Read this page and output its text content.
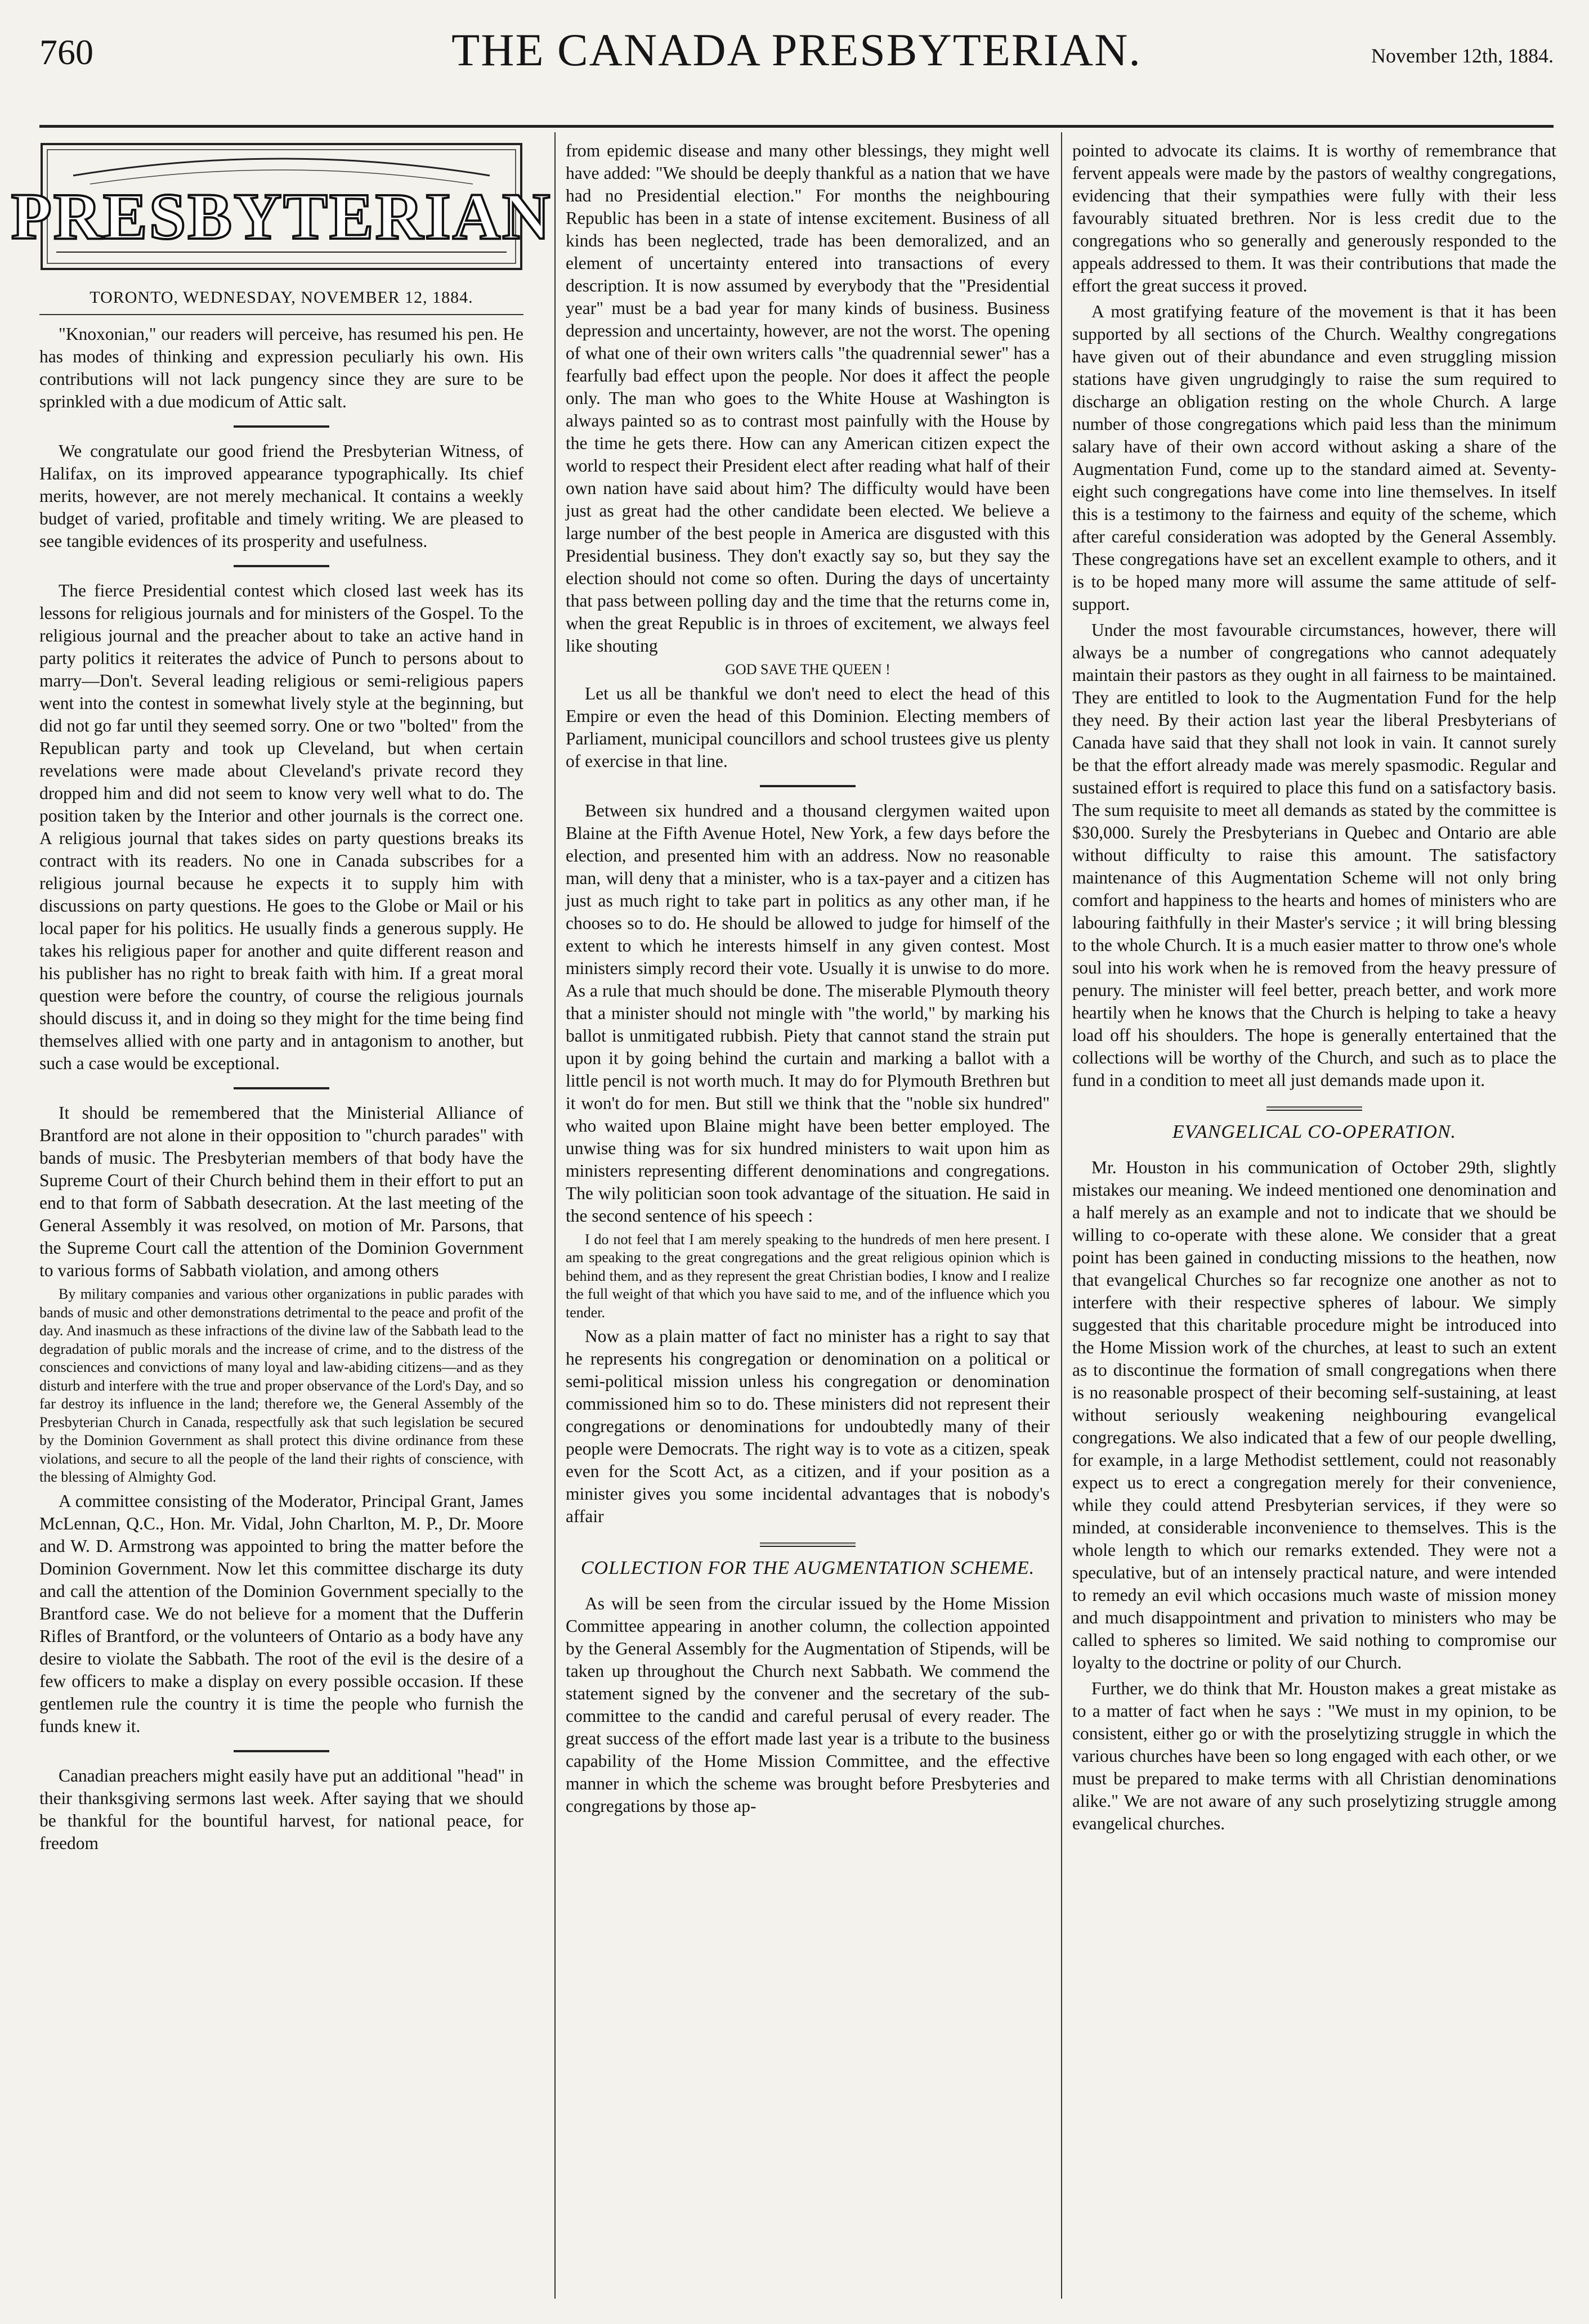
760	THE CANADA PRESBYTERIAN.	November 12th, 1884.
PRESBYTERIAN
TORONTO, WEDNESDAY, NOVEMBER 12, 1884.

"Knoxonian," our readers will perceive, has resumed his pen. He has modes of thinking and expression peculiarly his own. His contributions will not lack pungency since they are sure to be sprinkled with a due modicum of Attic salt.

We congratulate our good friend the Presbyterian Witness, of Halifax, on its improved appearance typographically. Its chief merits, however, are not merely mechanical. It contains a weekly budget of varied, profitable and timely writing. We are pleased to see tangible evidences of its prosperity and usefulness.

The fierce Presidential contest which closed last week has its lessons for religious journals and for ministers of the Gospel. To the religious journal and the preacher about to take an active hand in party politics it reiterates the advice of Punch to persons about to marry—Don't. Several leading religious or semi-religious papers went into the contest in somewhat lively style at the beginning, but did not go far until they seemed sorry. One or two "bolted" from the Republican party and took up Cleveland, but when certain revelations were made about Cleveland's private record they dropped him and did not seem to know very well what to do. The position taken by the Interior and other journals is the correct one. A religious journal that takes sides on party questions breaks its contract with its readers. No one in Canada subscribes for a religious journal because he expects it to supply him with discussions on party questions. He goes to the Globe or Mail or his local paper for his politics. He usually finds a generous supply. He takes his religious paper for another and quite different reason and his publisher has no right to break faith with him. If a great moral question were before the country, of course the religious journals should discuss it, and in doing so they might for the time being find themselves allied with one party and in antagonism to another, but such a case would be exceptional.

It should be remembered that the Ministerial Alliance of Brantford are not alone in their opposition to "church parades" with bands of music. The Presbyterian members of that body have the Supreme Court of their Church behind them in their effort to put an end to that form of Sabbath desecration. At the last meeting of the General Assembly it was resolved, on motion of Mr. Parsons, that the Supreme Court call the attention of the Dominion Government to various forms of Sabbath violation, and among others

By military companies and various other organizations in public parades with bands of music and other demonstrations detrimental to the peace and profit of the day. And inasmuch as these infractions of the divine law of the Sabbath lead to the degradation of public morals and the increase of crime, and to the distress of the consciences and convictions of many loyal and law-abiding citizens—and as they disturb and interfere with the true and proper observance of the Lord's Day, and so far destroy its influence in the land; therefore we, the General Assembly of the Presbyterian Church in Canada, respectfully ask that such legislation be secured by the Dominion Government as shall protect this divine ordinance from these violations, and secure to all the people of the land their rights of conscience, with the blessing of Almighty God.

A committee consisting of the Moderator, Principal Grant, James McLennan, Q.C., Hon. Mr. Vidal, John Charlton, M. P., Dr. Moore and W. D. Armstrong was appointed to bring the matter before the Dominion Government. Now let this committee discharge its duty and call the attention of the Dominion Government specially to the Brantford case. We do not believe for a moment that the Dufferin Rifles of Brantford, or the volunteers of Ontario as a body have any desire to violate the Sabbath. The root of the evil is the desire of a few officers to make a display on every possible occasion. If these gentlemen rule the country it is time the people who furnish the funds knew it.

Canadian preachers might easily have put an additional "head" in their thanksgiving sermons last week. After saying that we should be thankful for the bountiful harvest, for national peace, for freedom

from epidemic disease and many other blessings, they might well have added: "We should be deeply thankful as a nation that we have had no Presidential election." For months the neighbouring Republic has been in a state of intense excitement. Business of all kinds has been neglected, trade has been demoralized, and an element of uncertainty entered into transactions of every description. It is now assumed by everybody that the "Presidential year" must be a bad year for many kinds of business. Business depression and uncertainty, however, are not the worst. The opening of what one of their own writers calls "the quadrennial sewer" has a fearfully bad effect upon the people. Nor does it affect the people only. The man who goes to the White House at Washington is always painted so as to contrast most painfully with the House by the time he gets there. How can any American citizen expect the world to respect their President elect after reading what half of their own nation have said about him? The difficulty would have been just as great had the other candidate been elected. We believe a large number of the best people in America are disgusted with this Presidential business. They don't exactly say so, but they say the election should not come so often. During the days of uncertainty that pass between polling day and the time that the returns come in, when the great Republic is in throes of excitement, we always feel like shouting

GOD SAVE THE QUEEN !

Let us all be thankful we don't need to elect the head of this Empire or even the head of this Dominion. Electing members of Parliament, municipal councillors and school trustees give us plenty of exercise in that line.

Between six hundred and a thousand clergymen waited upon Blaine at the Fifth Avenue Hotel, New York, a few days before the election, and presented him with an address. Now no reasonable man, will deny that a minister, who is a tax-payer and a citizen has just as much right to take part in politics as any other man, if he chooses so to do. He should be allowed to judge for himself of the extent to which he interests himself in any given contest. Most ministers simply record their vote. Usually it is unwise to do more. As a rule that much should be done. The miserable Plymouth theory that a minister should not mingle with "the world," by marking his ballot is unmitigated rubbish. Piety that cannot stand the strain put upon it by going behind the curtain and marking a ballot with a little pencil is not worth much. It may do for Plymouth Brethren but it won't do for men. But still we think that the "noble six hundred" who waited upon Blaine might have been better employed. The unwise thing was for six hundred ministers to wait upon him as ministers representing different denominations and congregations. The wily politician soon took advantage of the situation. He said in the second sentence of his speech :

I do not feel that I am merely speaking to the hundreds of men here present. I am speaking to the great congregations and the great religious opinion which is behind them, and as they represent the great Christian bodies, I know and I realize the full weight of that which you have said to me, and of the influence which you tender.

Now as a plain matter of fact no minister has a right to say that he represents his congregation or denomination on a political or semi-political mission unless his congregation or denomination commissioned him so to do. These ministers did not represent their congregations or denominations for undoubtedly many of their people were Democrats. The right way is to vote as a citizen, speak even for the Scott Act, as a citizen, and if your position as a minister gives you some incidental advantages that is nobody's affair

COLLECTION FOR THE AUGMENTATION SCHEME.

As will be seen from the circular issued by the Home Mission Committee appearing in another column, the collection appointed by the General Assembly for the Augmentation of Stipends, will be taken up throughout the Church next Sabbath. We commend the statement signed by the convener and the secretary of the sub-committee to the candid and careful perusal of every reader. The great success of the effort made last year is a tribute to the business capability of the Home Mission Committee, and the effective manner in which the scheme was brought before Presbyteries and congregations by those ap-

pointed to advocate its claims. It is worthy of remembrance that fervent appeals were made by the pastors of wealthy congregations, evidencing that their sympathies were fully with their less favourably situated brethren. Nor is less credit due to the congregations who so generally and generously responded to the appeals addressed to them. It was their contributions that made the effort the great success it proved.

A most gratifying feature of the movement is that it has been supported by all sections of the Church. Wealthy congregations have given out of their abundance and even struggling mission stations have given ungrudgingly to raise the sum required to discharge an obligation resting on the whole Church. A large number of those congregations which paid less than the minimum salary have of their own accord without asking a share of the Augmentation Fund, come up to the standard aimed at. Seventy-eight such congregations have come into line themselves. In itself this is a testimony to the fairness and equity of the scheme, which after careful consideration was adopted by the General Assembly. These congregations have set an excellent example to others, and it is to be hoped many more will assume the same attitude of self-support.

Under the most favourable circumstances, however, there will always be a number of congregations who cannot adequately maintain their pastors as they ought in all fairness to be maintained. They are entitled to look to the Augmentation Fund for the help they need. By their action last year the liberal Presbyterians of Canada have said that they shall not look in vain. It cannot surely be that the effort already made was merely spasmodic. Regular and sustained effort is required to place this fund on a satisfactory basis. The sum requisite to meet all demands as stated by the committee is $30,000. Surely the Presbyterians in Quebec and Ontario are able without difficulty to raise this amount. The satisfactory maintenance of this Augmentation Scheme will not only bring comfort and happiness to the hearts and homes of ministers who are labouring faithfully in their Master's service ; it will bring blessing to the whole Church. It is a much easier matter to throw one's whole soul into his work when he is removed from the heavy pressure of penury. The minister will feel better, preach better, and work more heartily when he knows that the Church is helping to take a heavy load off his shoulders. The hope is generally entertained that the collections will be worthy of the Church, and such as to place the fund in a condition to meet all just demands made upon it.

EVANGELICAL CO-OPERATION.

Mr. Houston in his communication of October 29th, slightly mistakes our meaning. We indeed mentioned one denomination and a half merely as an example and not to indicate that we should be willing to co-operate with these alone. We consider that a great point has been gained in conducting missions to the heathen, now that evangelical Churches so far recognize one another as not to interfere with their respective spheres of labour. We simply suggested that this charitable procedure might be introduced into the Home Mission work of the churches, at least to such an extent as to discontinue the formation of small congregations when there is no reasonable prospect of their becoming self-sustaining, at least without seriously weakening neighbouring evangelical congregations. We also indicated that a few of our people dwelling, for example, in a large Methodist settlement, could not reasonably expect us to erect a congregation merely for their convenience, while they could attend Presbyterian services, if they were so minded, at considerable inconvenience to themselves. This is the whole length to which our remarks extended. They were not a speculative, but of an intensely practical nature, and were intended to remedy an evil which occasions much waste of mission money and much disappointment and privation to ministers who may be called to spheres so limited. We said nothing to compromise our loyalty to the doctrine or polity of our Church.

Further, we do think that Mr. Houston makes a great mistake as to a matter of fact when he says : "We must in my opinion, to be consistent, either go or with the proselytizing struggle in which the various churches have been so long engaged with each other, or we must be prepared to make terms with all Christian denominations alike." We are not aware of any such proselytizing struggle among evangelical churches.
